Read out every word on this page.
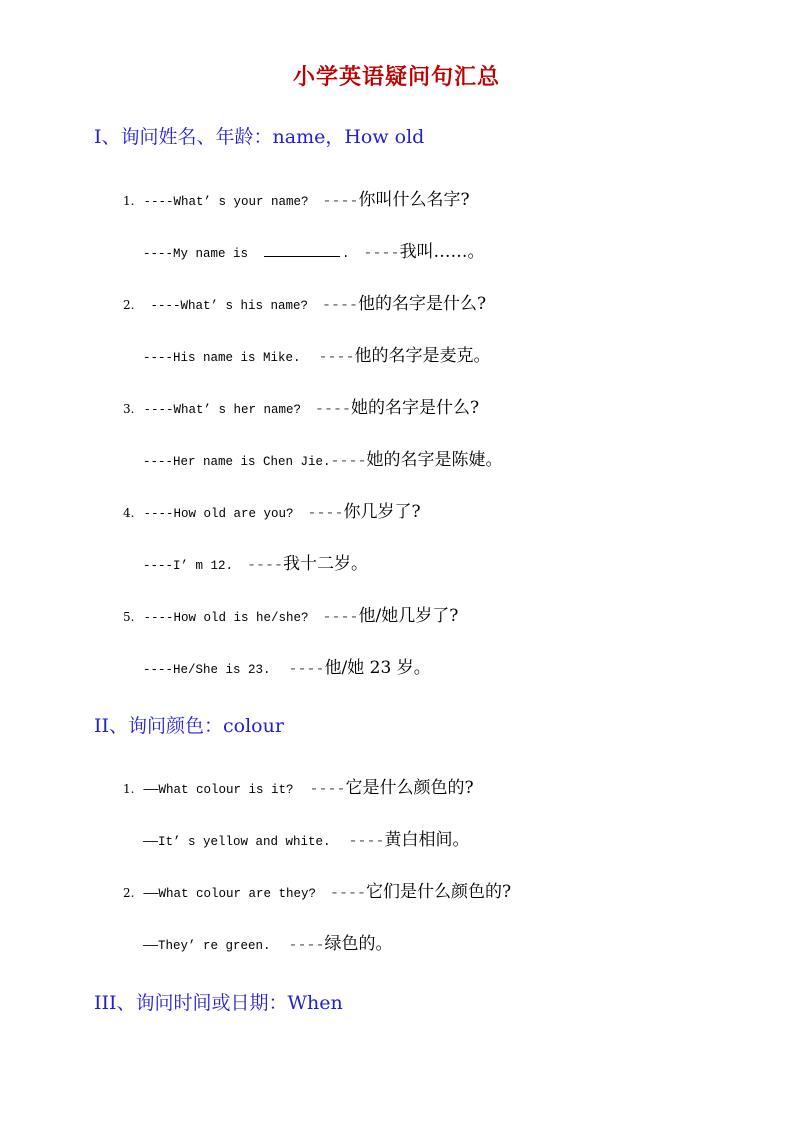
小学英语疑问句汇总
I、询问姓名、年龄：name，How old
1. ----What’ s your name? ----你叫什么名字?
----My name is	. ----我叫……。
2. ----What’ s his name? ----他的名字是什么?
----His name is Mike. ----他的名字是麦克。
3. ----What’ s her name? ----她的名字是什么?
----Her name is Chen Jie.----她的名字是陈婕。
4. ----How old are you? ----你几岁了?
----I’ m 12. ----我十二岁。
5. ----How old is he/she? ----他/她几岁了?
----He/She is 23. ----他/她 23 岁。
II、询问颜色：colour
1. ——What colour is it? ----它是什么颜色的?
——It’ s yellow and white. ----黄白相间。
2. ——What colour are they? ----它们是什么颜色的?
——They’ re green. ----绿色的。
III、询问时间或日期：When
